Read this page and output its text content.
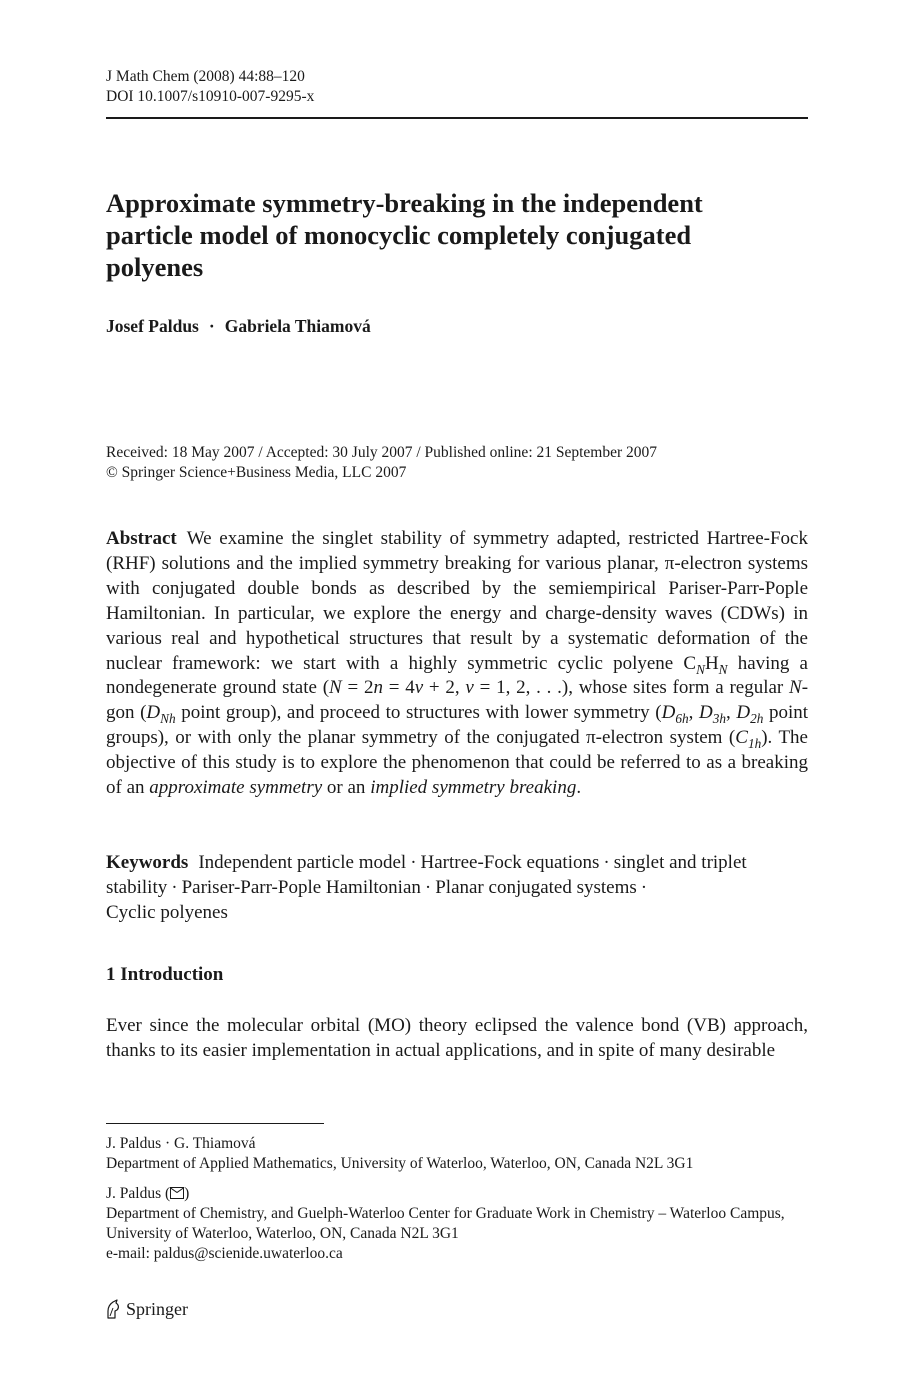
J Math Chem (2008) 44:88–120
DOI 10.1007/s10910-007-9295-x
Approximate symmetry-breaking in the independent
particle model of monocyclic completely conjugated
polyenes
Josef Paldus · Gabriela Thiamová
Received: 18 May 2007 / Accepted: 30 July 2007 / Published online: 21 September 2007
© Springer Science+Business Media, LLC 2007
Abstract We examine the singlet stability of symmetry adapted, restricted Hartree-Fock (RHF) solutions and the implied symmetry breaking for various planar, π-electron systems with conjugated double bonds as described by the semiempirical Pariser-Parr-Pople Hamiltonian. In particular, we explore the energy and charge-density waves (CDWs) in various real and hypothetical structures that result by a systematic deformation of the nuclear framework: we start with a highly symmetric cyclic polyene $C_NH_N$ having a nondegenerate ground state (N = 2n = 4ν + 2, ν = 1, 2, . . .), whose sites form a regular N-gon ($D_{Nh}$ point group), and proceed to structures with lower symmetry ($D_{6h}$, $D_{3h}$, $D_{2h}$ point groups), or with only the planar symmetry of the conjugated π-electron system $(C_{1h})$. The objective of this study is to explore the phenomenon that could be referred to as a breaking of an approximate symmetry or an implied symmetry breaking.
Keywords Independent particle model · Hartree-Fock equations · singlet and triplet stability · Pariser-Parr-Pople Hamiltonian · Planar conjugated systems ·
Cyclic polyenes
1 Introduction
Ever since the molecular orbital (MO) theory eclipsed the valence bond (VB) approach, thanks to its easier implementation in actual applications, and in spite of many desirable
J. Paldus · G. Thiamová
Department of Applied Mathematics, University of Waterloo, Waterloo, ON, Canada N2L 3G1
J. Paldus ( )
Department of Chemistry, and Guelph-Waterloo Center for Graduate Work in Chemistry – Waterloo Campus, University of Waterloo, Waterloo, ON, Canada N2L 3G1
e-mail: paldus@scienide.uwaterloo.ca
Springer
